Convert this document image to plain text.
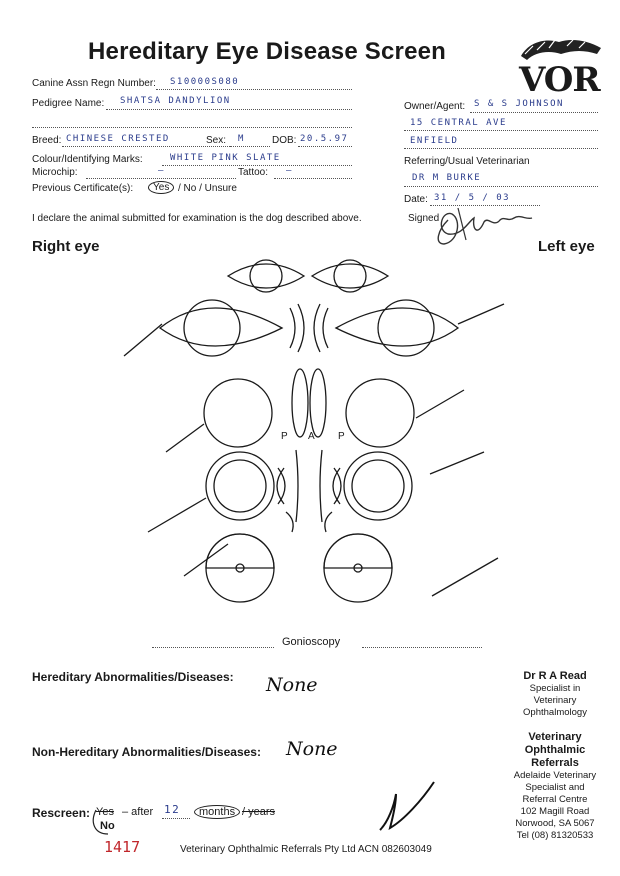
Hereditary Eye Disease Screen
VOR
Canine Assn Regn Number: S10000S080
Pedigree Name: SHATSA DANDYLION
Breed: CHINESE CRESTED	Sex: M	DOB: 20.5.97
Colour/Identifying Marks:	WHITE PINK SLATE
Microchip:	—	Tattoo: —
Previous Certificate(s):	Yes / No / Unsure
Owner/Agent: S & S JOHNSON
15 CENTRAL AVE
ENFIELD
Referring/Usual Veterinarian
DR M BURKE
Date: 31 / 5 / 03
I declare the animal submitted for examination is the dog described above.	Signed
Right eye	Left eye
P A P
Gonioscopy
Hereditary Abnormalities/Diseases: None
Non-Hereditary Abnormalities/Diseases: None
Rescreen: Yes – after 12	months / years
No
Dr R A Read
Specialist in
Veterinary
Ophthalmology
Veterinary
Ophthalmic
Referrals
Adelaide Veterinary
Specialist and
Referral Centre
102 Magill Road
Norwood, SA 5067
Tel (08) 81320533
1417	Veterinary Ophthalmic Referrals Pty Ltd ACN 082603049
